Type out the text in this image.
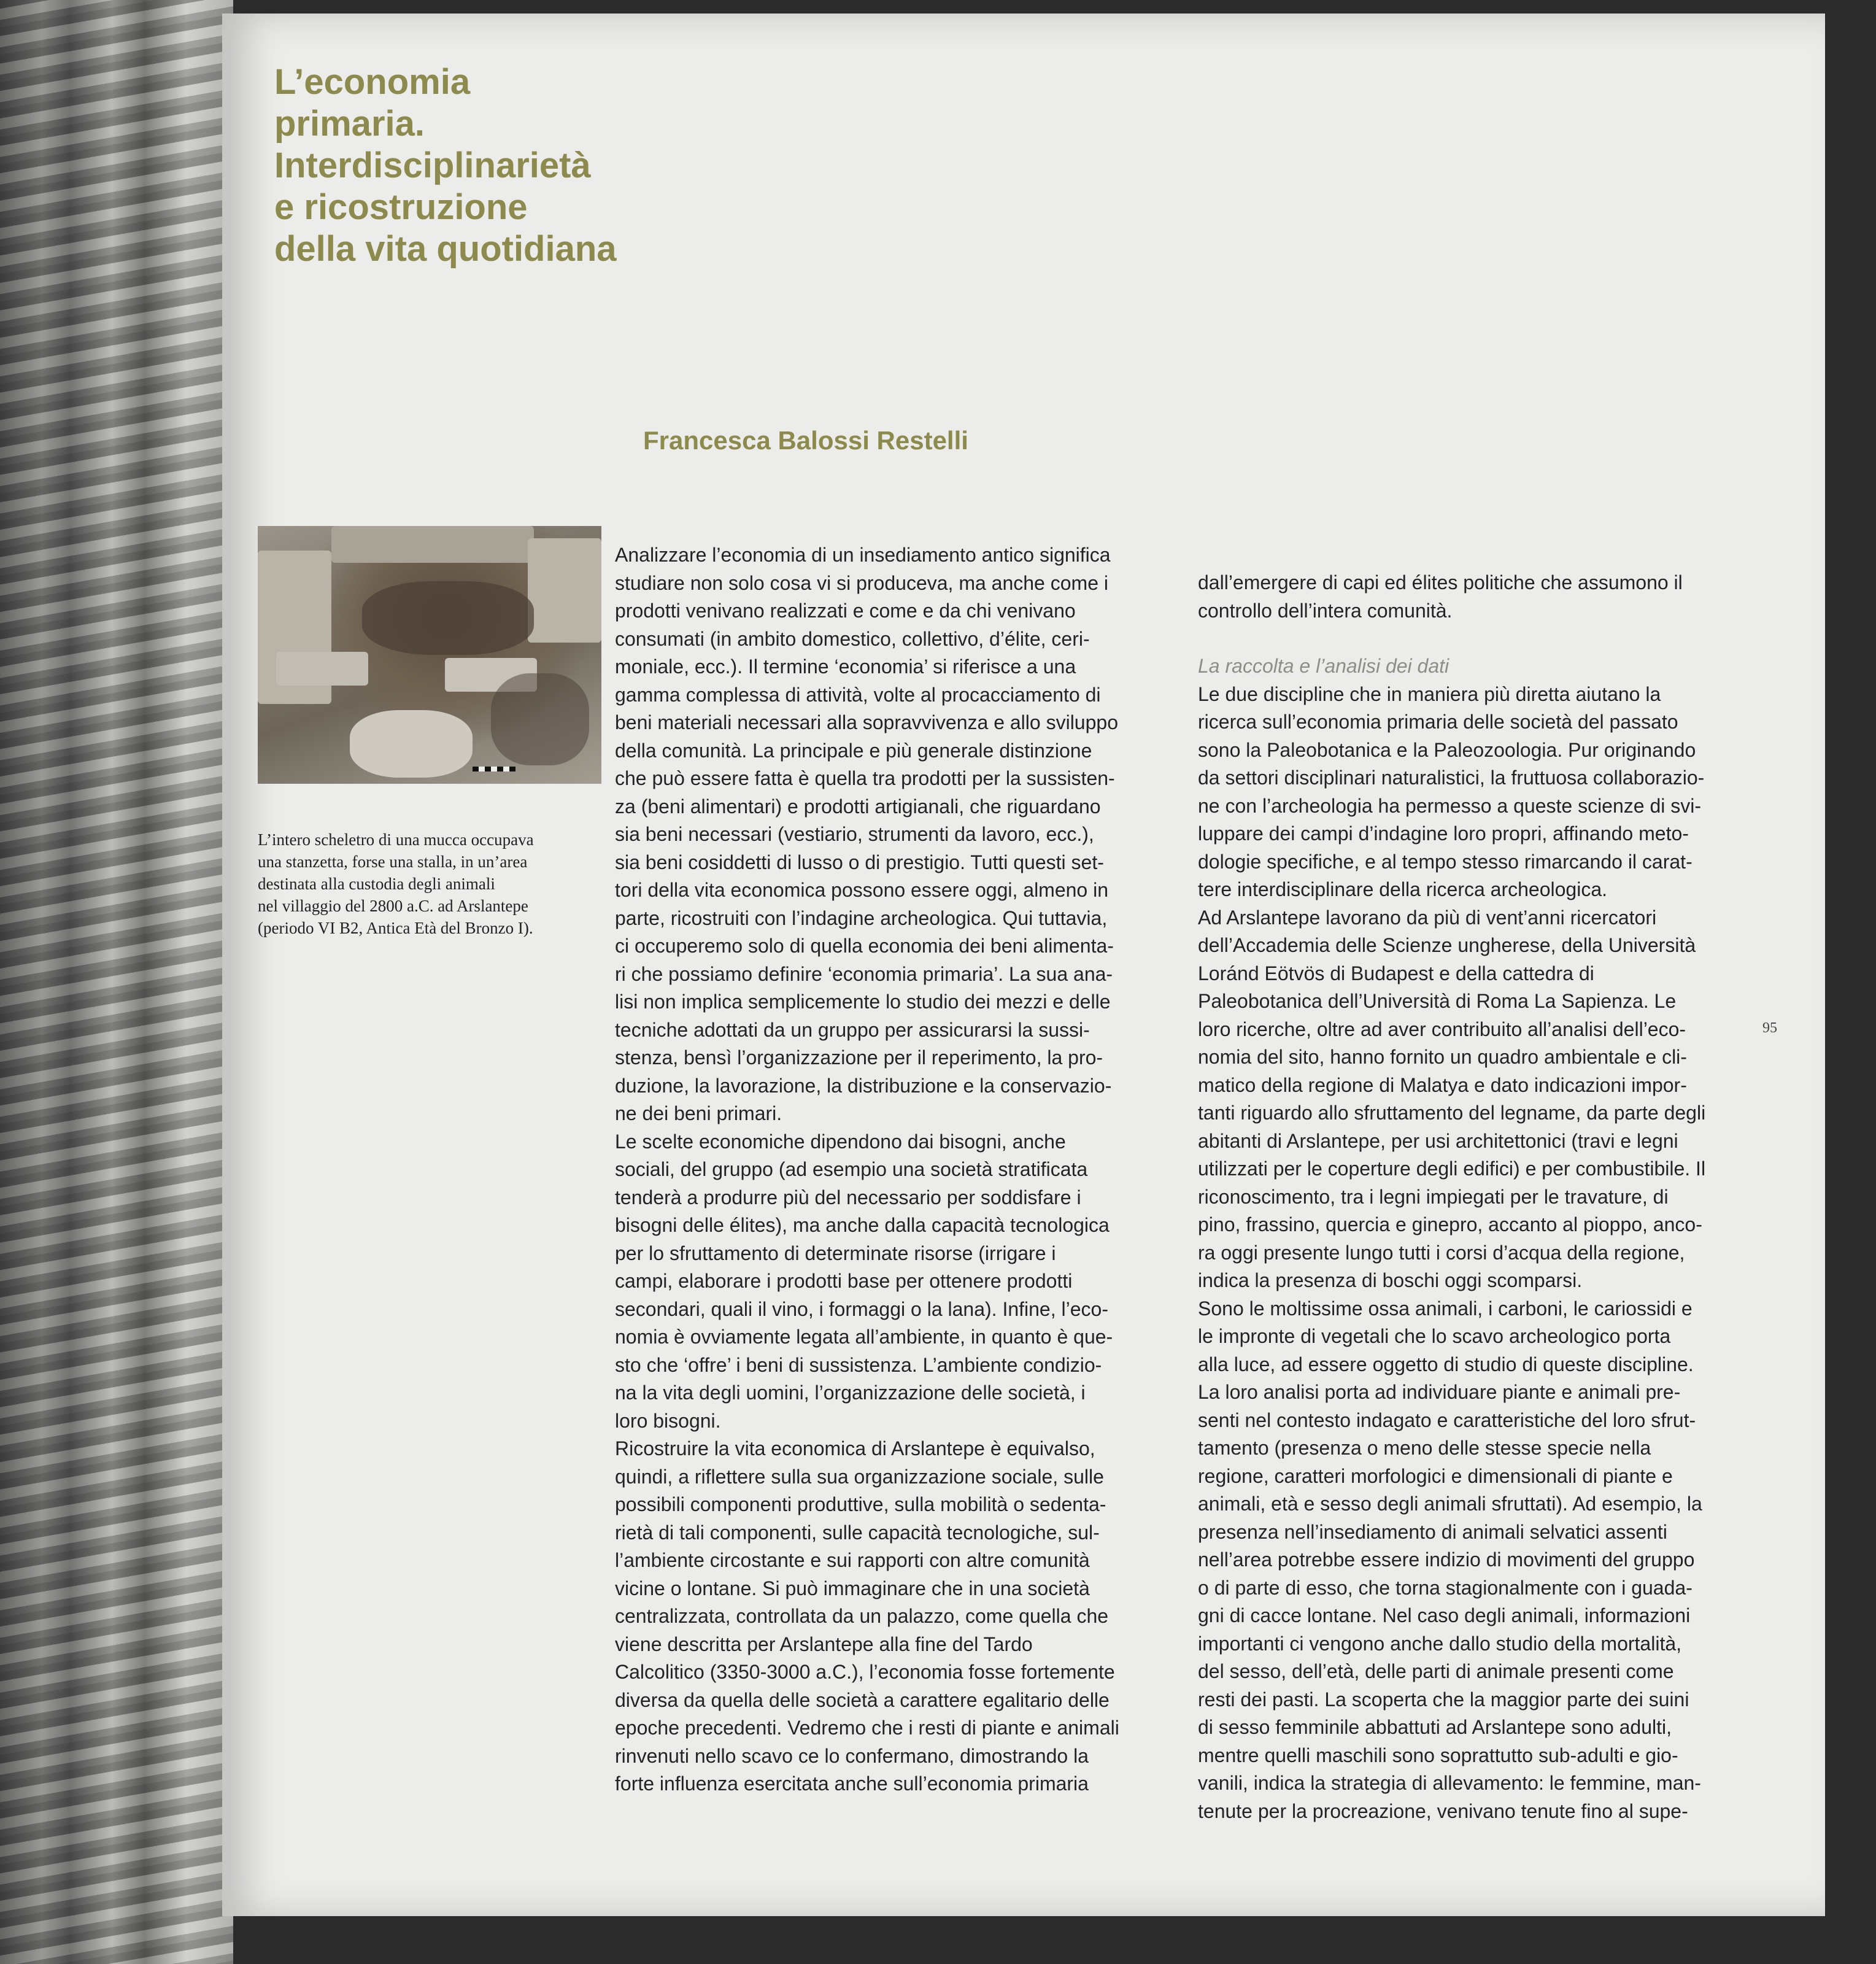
L’economia
primaria.
Interdisciplinarietà
e ricostruzione
della vita quotidiana
Francesca Balossi Restelli
L’intero scheletro di una mucca occupava
una stanzetta, forse una stalla, in un’area
destinata alla custodia degli animali
nel villaggio del 2800 a.C. ad Arslantepe
(periodo VI B2, Antica Età del Bronzo I).
Analizzare l’economia di un insediamento antico significa
studiare non solo cosa vi si produceva, ma anche come i
prodotti venivano realizzati e come e da chi venivano
consumati (in ambito domestico, collettivo, d’élite, ceri-
moniale, ecc.). Il termine ‘economia’ si riferisce a una
gamma complessa di attività, volte al procacciamento di
beni materiali necessari alla sopravvivenza e allo sviluppo
della comunità. La principale e più generale distinzione
che può essere fatta è quella tra prodotti per la sussisten-
za (beni alimentari) e prodotti artigianali, che riguardano
sia beni necessari (vestiario, strumenti da lavoro, ecc.),
sia beni cosiddetti di lusso o di prestigio. Tutti questi set-
tori della vita economica possono essere oggi, almeno in
parte, ricostruiti con l’indagine archeologica. Qui tuttavia,
ci occuperemo solo di quella economia dei beni alimenta-
ri che possiamo definire ‘economia primaria’. La sua ana-
lisi non implica semplicemente lo studio dei mezzi e delle
tecniche adottati da un gruppo per assicurarsi la sussi-
stenza, bensì l’organizzazione per il reperimento, la pro-
duzione, la lavorazione, la distribuzione e la conservazio-
ne dei beni primari.
Le scelte economiche dipendono dai bisogni, anche
sociali, del gruppo (ad esempio una società stratificata
tenderà a produrre più del necessario per soddisfare i
bisogni delle élites), ma anche dalla capacità tecnologica
per lo sfruttamento di determinate risorse (irrigare i
campi, elaborare i prodotti base per ottenere prodotti
secondari, quali il vino, i formaggi o la lana). Infine, l’eco-
nomia è ovviamente legata all’ambiente, in quanto è que-
sto che ‘offre’ i beni di sussistenza. L’ambiente condizio-
na la vita degli uomini, l’organizzazione delle società, i
loro bisogni.
Ricostruire la vita economica di Arslantepe è equivalso,
quindi, a riflettere sulla sua organizzazione sociale, sulle
possibili componenti produttive, sulla mobilità o sedenta-
rietà di tali componenti, sulle capacità tecnologiche, sul-
l’ambiente circostante e sui rapporti con altre comunità
vicine o lontane. Si può immaginare che in una società
centralizzata, controllata da un palazzo, come quella che
viene descritta per Arslantepe alla fine del Tardo
Calcolitico (3350-3000 a.C.), l’economia fosse fortemente
diversa da quella delle società a carattere egalitario delle
epoche precedenti. Vedremo che i resti di piante e animali
rinvenuti nello scavo ce lo confermano, dimostrando la
forte influenza esercitata anche sull’economia primaria
dall’emergere di capi ed élites politiche che assumono il
controllo dell’intera comunità.
La raccolta e l’analisi dei dati
Le due discipline che in maniera più diretta aiutano la
ricerca sull’economia primaria delle società del passato
sono la Paleobotanica e la Paleozoologia. Pur originando
da settori disciplinari naturalistici, la fruttuosa collaborazio-
ne con l’archeologia ha permesso a queste scienze di svi-
luppare dei campi d’indagine loro propri, affinando meto-
dologie specifiche, e al tempo stesso rimarcando il carat-
tere interdisciplinare della ricerca archeologica.
Ad Arslantepe lavorano da più di vent’anni ricercatori
dell’Accademia delle Scienze ungherese, della Università
Loránd Eötvös di Budapest e della cattedra di
Paleobotanica dell’Università di Roma La Sapienza. Le
loro ricerche, oltre ad aver contribuito all’analisi dell’eco-
nomia del sito, hanno fornito un quadro ambientale e cli-
matico della regione di Malatya e dato indicazioni impor-
tanti riguardo allo sfruttamento del legname, da parte degli
abitanti di Arslantepe, per usi architettonici (travi e legni
utilizzati per le coperture degli edifici) e per combustibile. Il
riconoscimento, tra i legni impiegati per le travature, di
pino, frassino, quercia e ginepro, accanto al pioppo, anco-
ra oggi presente lungo tutti i corsi d’acqua della regione,
indica la presenza di boschi oggi scomparsi.
Sono le moltissime ossa animali, i carboni, le cariossidi e
le impronte di vegetali che lo scavo archeologico porta
alla luce, ad essere oggetto di studio di queste discipline.
La loro analisi porta ad individuare piante e animali pre-
senti nel contesto indagato e caratteristiche del loro sfrut-
tamento (presenza o meno delle stesse specie nella
regione, caratteri morfologici e dimensionali di piante e
animali, età e sesso degli animali sfruttati). Ad esempio, la
presenza nell’insediamento di animali selvatici assenti
nell’area potrebbe essere indizio di movimenti del gruppo
o di parte di esso, che torna stagionalmente con i guada-
gni di cacce lontane. Nel caso degli animali, informazioni
importanti ci vengono anche dallo studio della mortalità,
del sesso, dell’età, delle parti di animale presenti come
resti dei pasti. La scoperta che la maggior parte dei suini
di sesso femminile abbattuti ad Arslantepe sono adulti,
mentre quelli maschili sono soprattutto sub-adulti e gio-
vanili, indica la strategia di allevamento: le femmine, man-
tenute per la procreazione, venivano tenute fino al supe-
95
